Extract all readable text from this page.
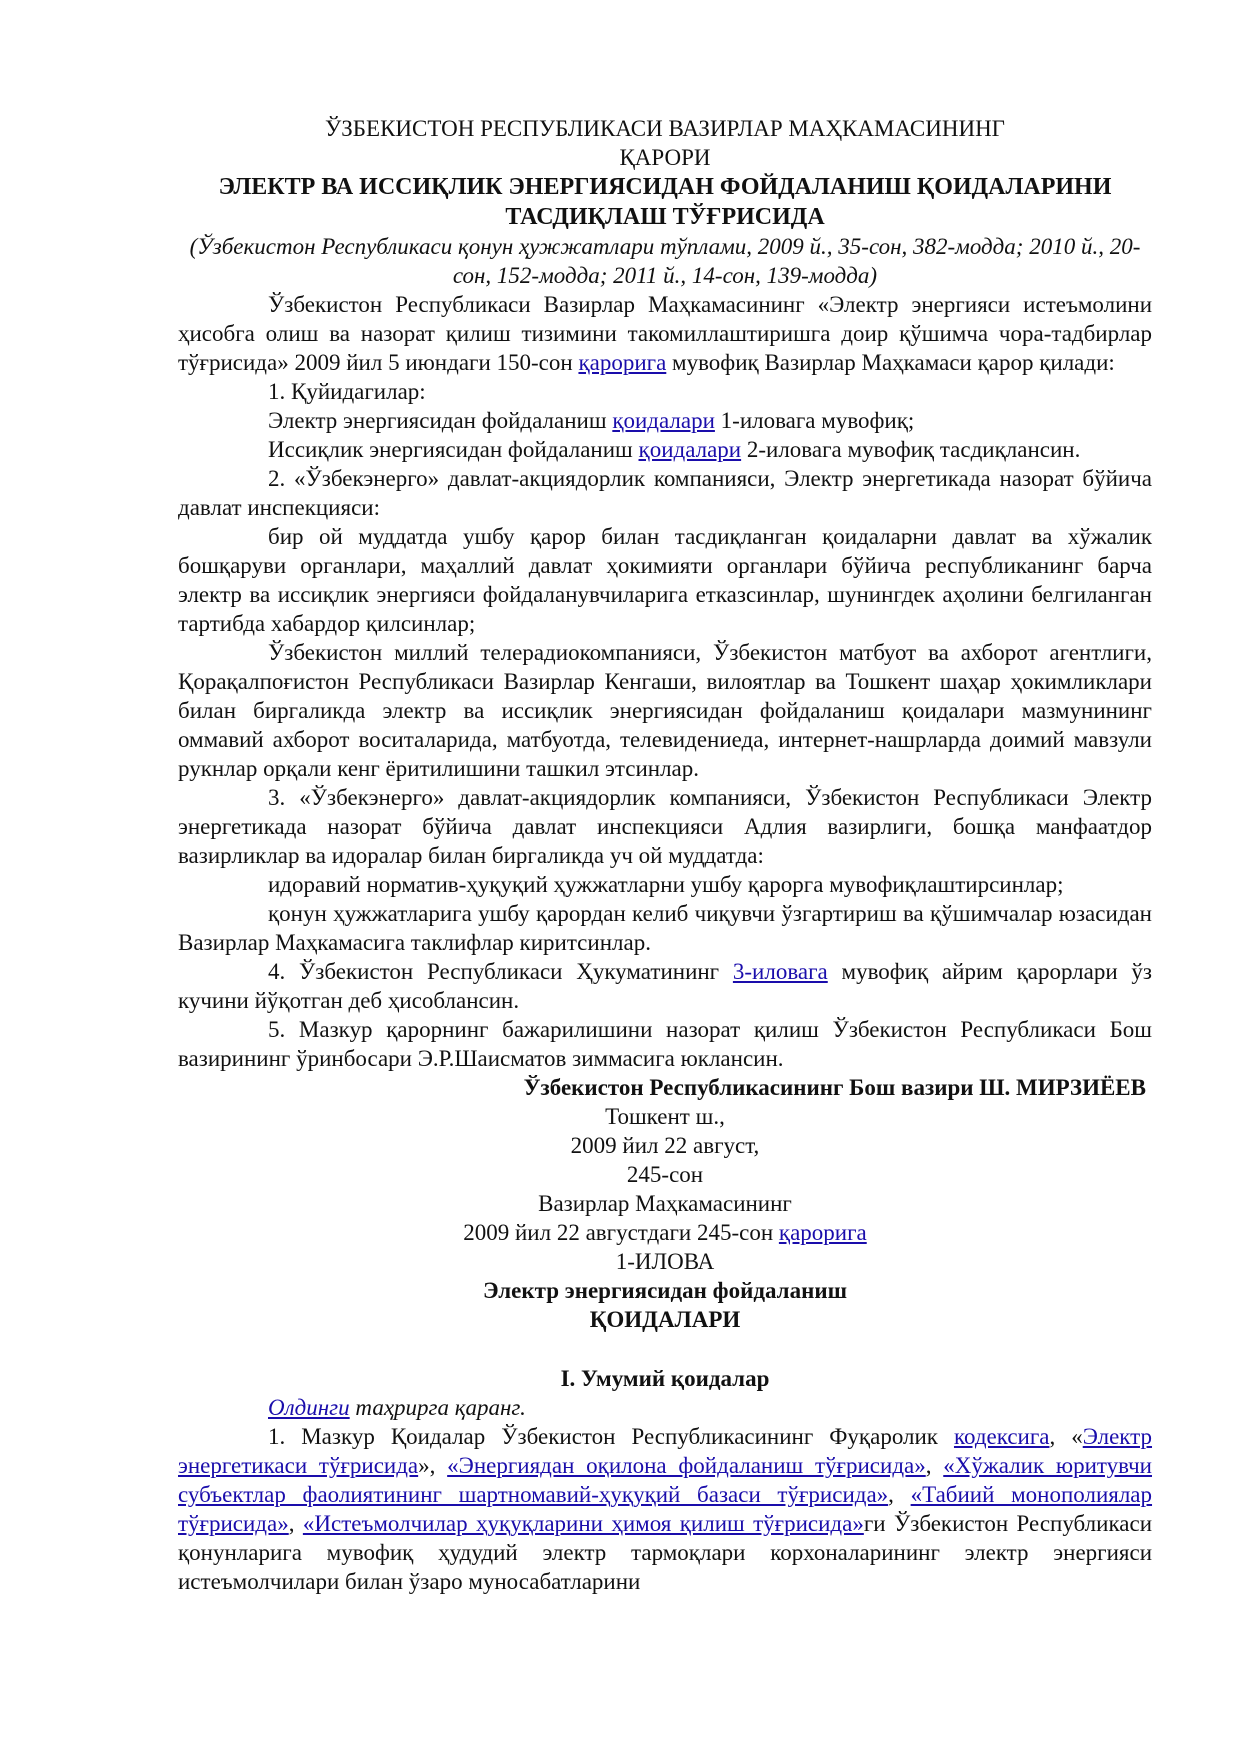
ЎЗБЕКИСТОН РЕСПУБЛИКАСИ ВАЗИРЛАР МАҲКАМАСИНИНГ
ҚАРОРИ
ЭЛЕКТР ВА ИССИҚЛИК ЭНЕРГИЯСИДАН ФОЙДАЛАНИШ ҚОИДАЛАРИНИ
ТАСДИҚЛАШ ТЎҒРИСИДА
(Ўзбекистон Республикаси қонун ҳужжатлари тўплами, 2009 й., 35-сон, 382-модда; 2010 й., 20-сон, 152-модда; 2011 й., 14-сон, 139-модда)

Ўзбекистон Республикаси Вазирлар Маҳкамасининг «Электр энергияси истеъмолини ҳисобга олиш ва назорат қилиш тизимини такомиллаштиришга доир қўшимча чора-тадбирлар тўғрисида» 2009 йил 5 июндаги 150-сон қарорига мувофиқ Вазирлар Маҳкамаси қарор қилади:

1. Қуйидагилар:

Электр энергиясидан фойдаланиш қоидалари 1-иловага мувофиқ;

Иссиқлик энергиясидан фойдаланиш қоидалари 2-иловага мувофиқ тасдиқлансин.

2. «Ўзбекэнерго» давлат-акциядорлик компанияси, Электр энергетикада назорат бўйича давлат инспекцияси:

бир ой муддатда ушбу қарор билан тасдиқланган қоидаларни давлат ва хўжалик бошқаруви органлари, маҳаллий давлат ҳокимияти органлари бўйича республиканинг барча электр ва иссиқлик энергияси фойдаланувчиларига етказсинлар, шунингдек аҳолини белгиланган тартибда хабардор қилсинлар;

Ўзбекистон миллий телерадиокомпанияси, Ўзбекистон матбуот ва ахборот агентлиги, Қорақалпоғистон Республикаси Вазирлар Кенгаши, вилоятлар ва Тошкент шаҳар ҳокимликлари билан биргаликда электр ва иссиқлик энергиясидан фойдаланиш қоидалари мазмунининг оммавий ахборот воситаларида, матбуотда, телевидениеда, интернет-нашрларда доимий мавзули рукнлар орқали кенг ёритилишини ташкил этсинлар.

3. «Ўзбекэнерго» давлат-акциядорлик компанияси, Ўзбекистон Республикаси Электр энергетикада назорат бўйича давлат инспекцияси Адлия вазирлиги, бошқа манфаатдор вазирликлар ва идоралар билан биргаликда уч ой муддатда:

идоравий норматив-ҳуқуқий ҳужжатларни ушбу қарорга мувофиқлаштирсинлар;

қонун ҳужжатларига ушбу қарордан келиб чиқувчи ўзгартириш ва қўшимчалар юзасидан Вазирлар Маҳкамасига таклифлар киритсинлар.

4. Ўзбекистон Республикаси Ҳукуматининг 3-иловага мувофиқ айрим қарорлари ўз кучини йўқотган деб ҳисоблансин.

5. Мазкур қарорнинг бажарилишини назорат қилиш Ўзбекистон Республикаси Бош вазирининг ўринбосари Э.Р.Шаисматов зиммасига юклансин.

Ўзбекистон Республикасининг Бош вазири Ш. МИРЗИЁЕВ
Тошкент ш.,
2009 йил 22 август,
245-сон
Вазирлар Маҳкамасининг
2009 йил 22 августдаги 245-сон қарорига
1-ИЛОВА
Электр энергиясидан фойдаланиш
ҚОИДАЛАРИ
I. Умумий қоидалар

Олдинги таҳрирга қаранг.

1. Мазкур Қоидалар Ўзбекистон Республикасининг Фуқаролик кодексига, «Электр энергетикаси тўғрисида», «Энергиядан оқилона фойдаланиш тўғрисида», «Хўжалик юритувчи субъектлар фаолиятининг шартномавий-ҳуқуқий базаси тўғрисида», «Табиий монополиялар тўғрисида», «Истеъмолчилар ҳуқуқларини ҳимоя қилиш тўғрисида»ги Ўзбекистон Республикаси қонунларига мувофиқ ҳудудий электр тармоқлари корхоналарининг электр энергияси истеъмолчилари билан ўзаро муносабатларини
